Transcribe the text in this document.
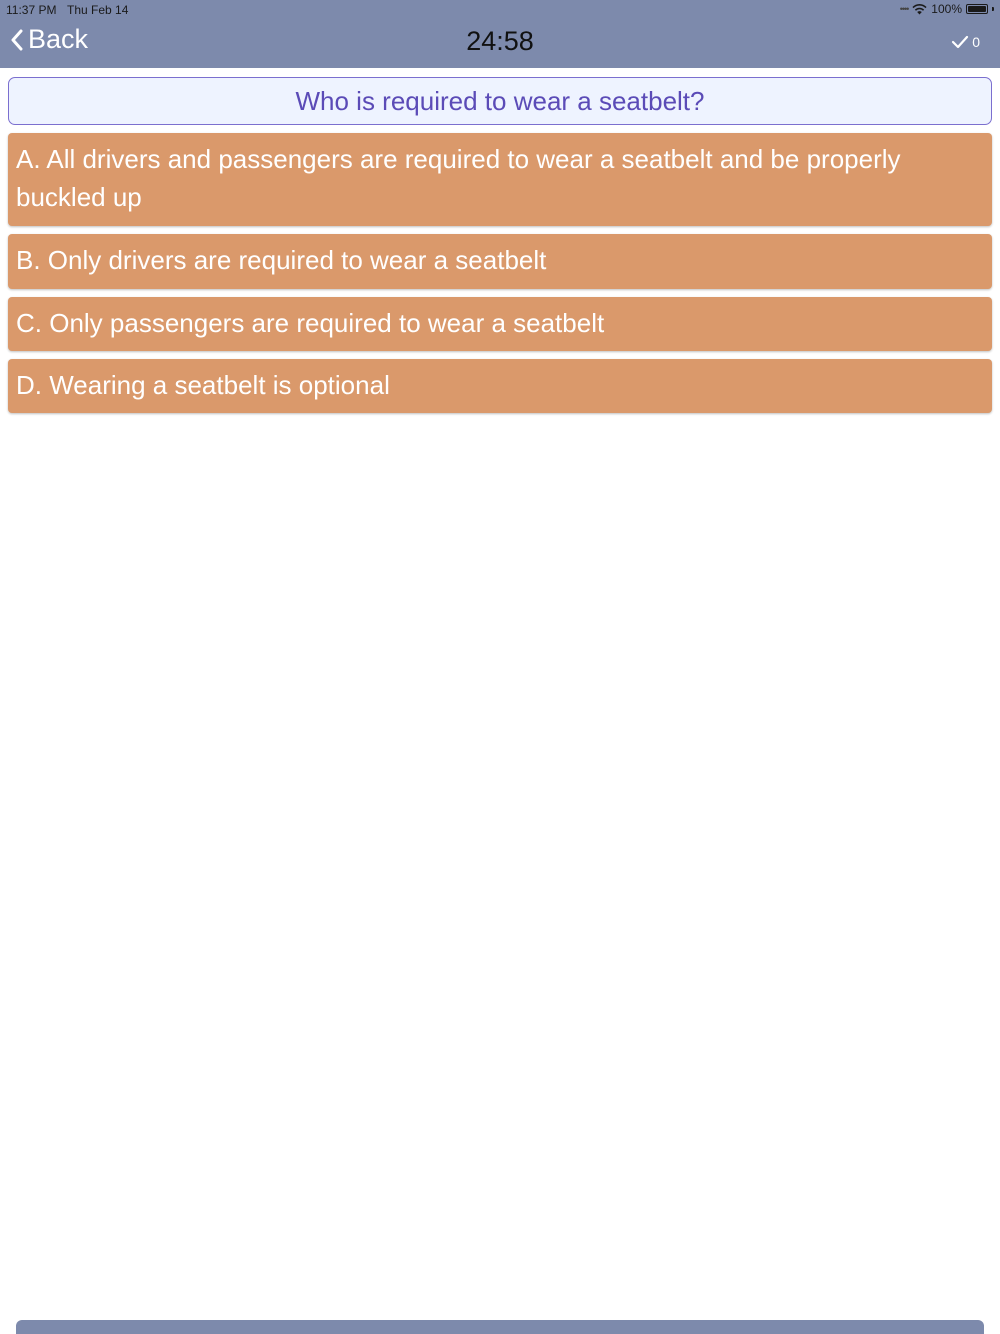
11:37 PM Thu Feb 14	•••• 100%
Back	24:58	0
Who is required to wear a seatbelt?
A. All drivers and passengers are required to wear a seatbelt and be properly buckled up
B. Only drivers are required to wear a seatbelt
C. Only passengers are required to wear a seatbelt
D. Wearing a seatbelt is optional
